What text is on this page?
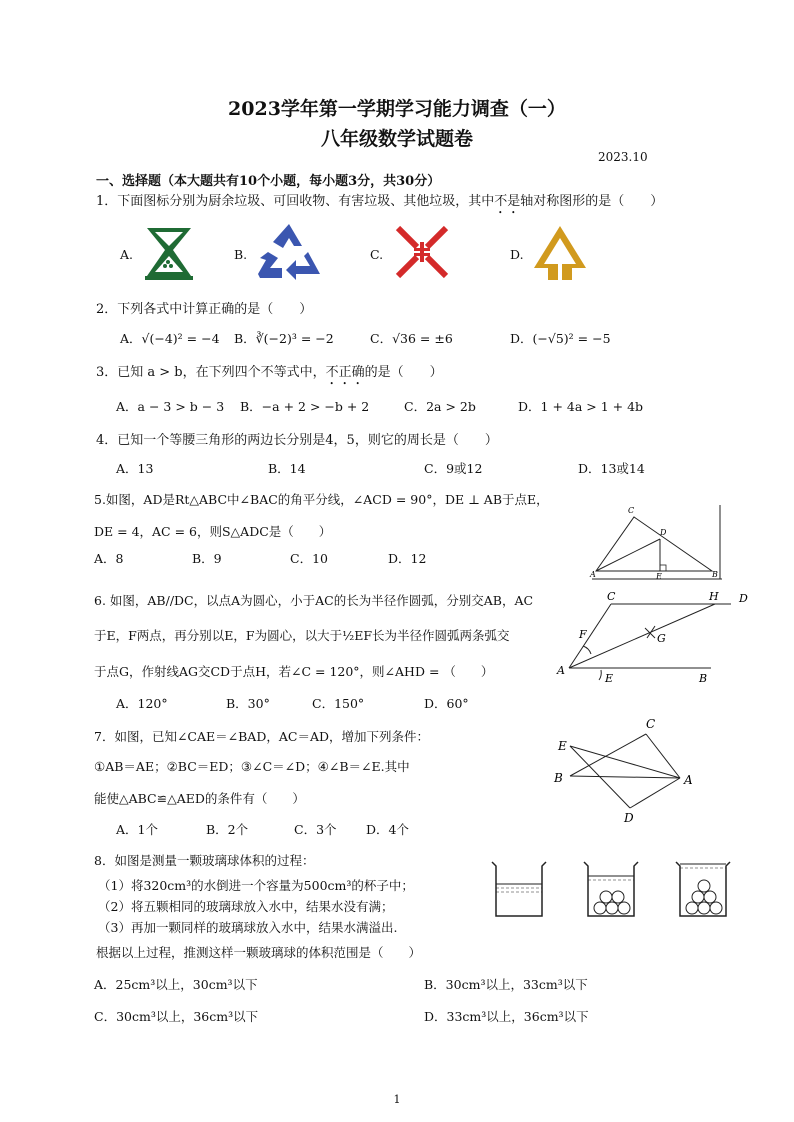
2023学年第一学期学习能力调查（一）
八年级数学试题卷
2023.10
一、选择题（本大题共有10个小题，每小题3分，共30分）
1．下面图标分别为厨余垃圾、可回收物、有害垃圾、其他垃圾，其中不是轴对称图形的是（　　）
A.	B.	C.	D.
2．下列各式中计算正确的是（　　）
A．√(−4)² = −4 B．∛(−2)³ = −2	C．√36 = ±6	D．(−√5)² = −5
3．已知 a > b，在下列四个不等式中，不正确的是（　　）
A．a − 3 > b − 3 B．−a + 2 > −b + 2	C．2a > 2b	D．1 + 4a > 1 + 4b
4．已知一个等腰三角形的两边长分别是4，5，则它的周长是（　　）
A．13	B．14	C．9或12	D．13或14
5.如图，AD是Rt△ABC中∠BAC的角平分线，∠ACD = 90°，DE ⊥ AB于点E，
DE = 4，AC = 6，则S△ADC是（　　）
A．8	B．9	C．10	D．12
C
D
A	E	B
6. 如图，AB//DC，以点A为圆心，小于AC的长为半径作圆弧，分别交AB，AC
于E，F两点，再分别以E，F为圆心，以大于½EF长为半径作圆弧两条弧交
于点G，作射线AG交CD于点H，若∠C = 120°，则∠AHD = （　　）
A．120°	B．30°	C．150°	D．60°
C	H D
F	G
A
E	B
7．如图，已知∠CAE＝∠BAD，AC＝AD，增加下列条件：
①AB＝AE；②BC＝ED；③∠C＝∠D；④∠B＝∠E.其中
能使△ABC≌△AED的条件有（　　）
A．1个	B．2个	C．3个 D．4个
C
E
B	A
D
8．如图是测量一颗玻璃球体积的过程：
（1）将320cm³的水倒进一个容量为500cm³的杯子中；
（2）将五颗相同的玻璃球放入水中，结果水没有满；
（3）再加一颗同样的玻璃球放入水中，结果水满溢出.
根据以上过程，推测这样一颗玻璃球的体积范围是（　　）
A．25cm³以上，30cm³以下	B．30cm³以上，33cm³以下
C．30cm³以上，36cm³以下	D．33cm³以上，36cm³以下
1
